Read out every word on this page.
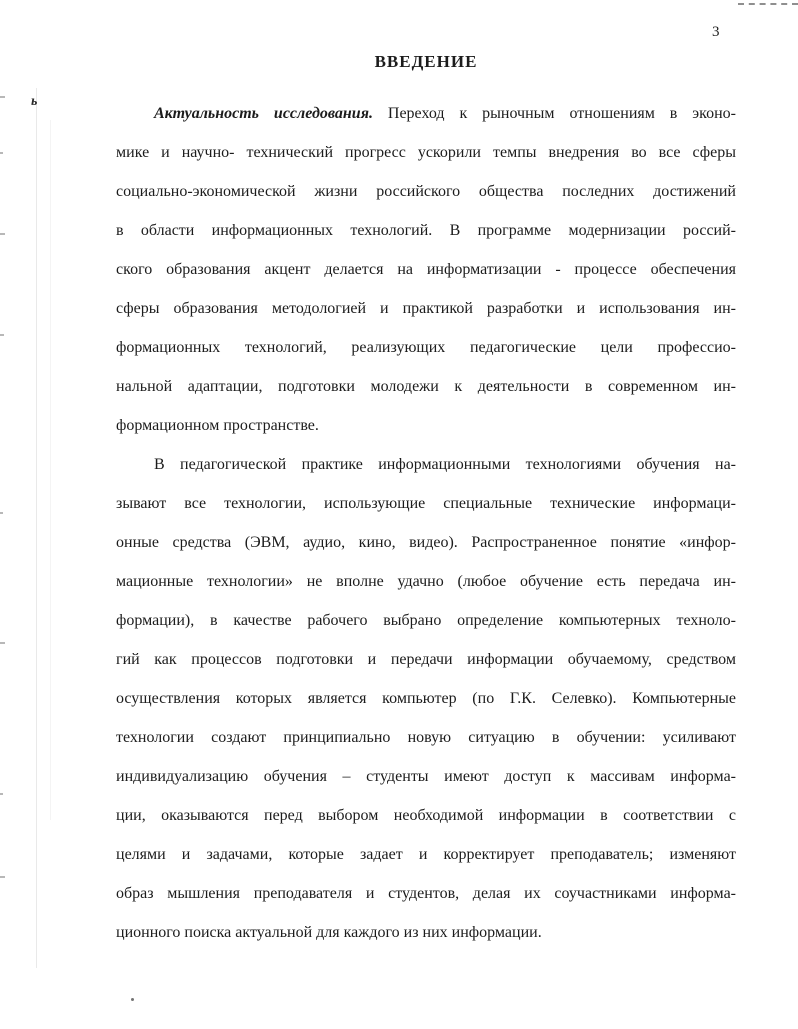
3
ь
ВВЕДЕНИЕ
Актуальность исследования. Переход к рыночным отношениям в эконо-
мике и научно- технический прогресс ускорили темпы внедрения во все сферы
социально-экономической жизни российского общества последних достижений
в области информационных технологий. В программе модернизации россий-
ского образования акцент делается на информатизации - процессе обеспечения
сферы образования методологией и практикой разработки и использования ин-
формационных технологий, реализующих педагогические цели профессио-
нальной адаптации, подготовки молодежи к деятельности в современном ин-
формационном пространстве.
В педагогической практике информационными технологиями обучения на-
зывают все технологии, использующие специальные технические информаци-
онные средства (ЭВМ, аудио, кино, видео). Распространенное понятие «инфор-
мационные технологии» не вполне удачно (любое обучение есть передача ин-
формации), в качестве рабочего выбрано определение компьютерных техноло-
гий как процессов подготовки и передачи информации обучаемому, средством
осуществления которых является компьютер (по Г.К. Селевко). Компьютерные
технологии создают принципиально новую ситуацию в обучении: усиливают
индивидуализацию обучения – студенты имеют доступ к массивам информа-
ции, оказываются перед выбором необходимой информации в соответствии с
целями и задачами, которые задает и корректирует преподаватель; изменяют
образ мышления преподавателя и студентов, делая их соучастниками информа-
ционного поиска актуальной для каждого из них информации.
